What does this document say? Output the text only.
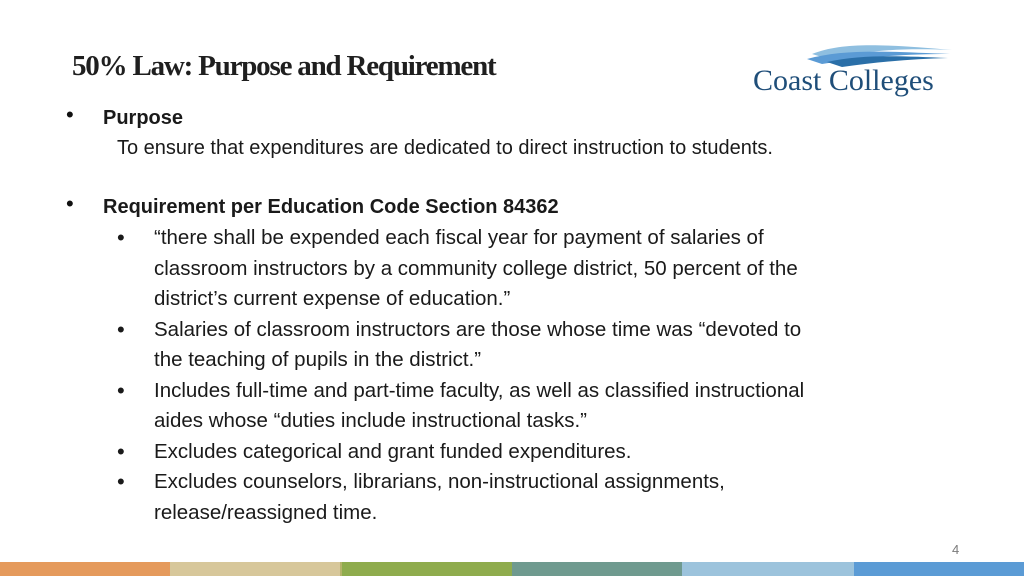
50% Law: Purpose and Requirement	Coast Colleges
• Purpose
To ensure that expenditures are dedicated to direct instruction to students.
• Requirement per Education Code Section 84362
• “there shall be expended each fiscal year for payment of salaries of
classroom instructors by a community college district, 50 percent of the
district’s current expense of education.”
• Salaries of classroom instructors are those whose time was “devoted to
the teaching of pupils in the district.”
• Includes full-time and part-time faculty, as well as classified instructional
aides whose “duties include instructional tasks.”
• Excludes categorical and grant funded expenditures.
• Excludes counselors, librarians, non-instructional assignments,
release/reassigned time.
4
